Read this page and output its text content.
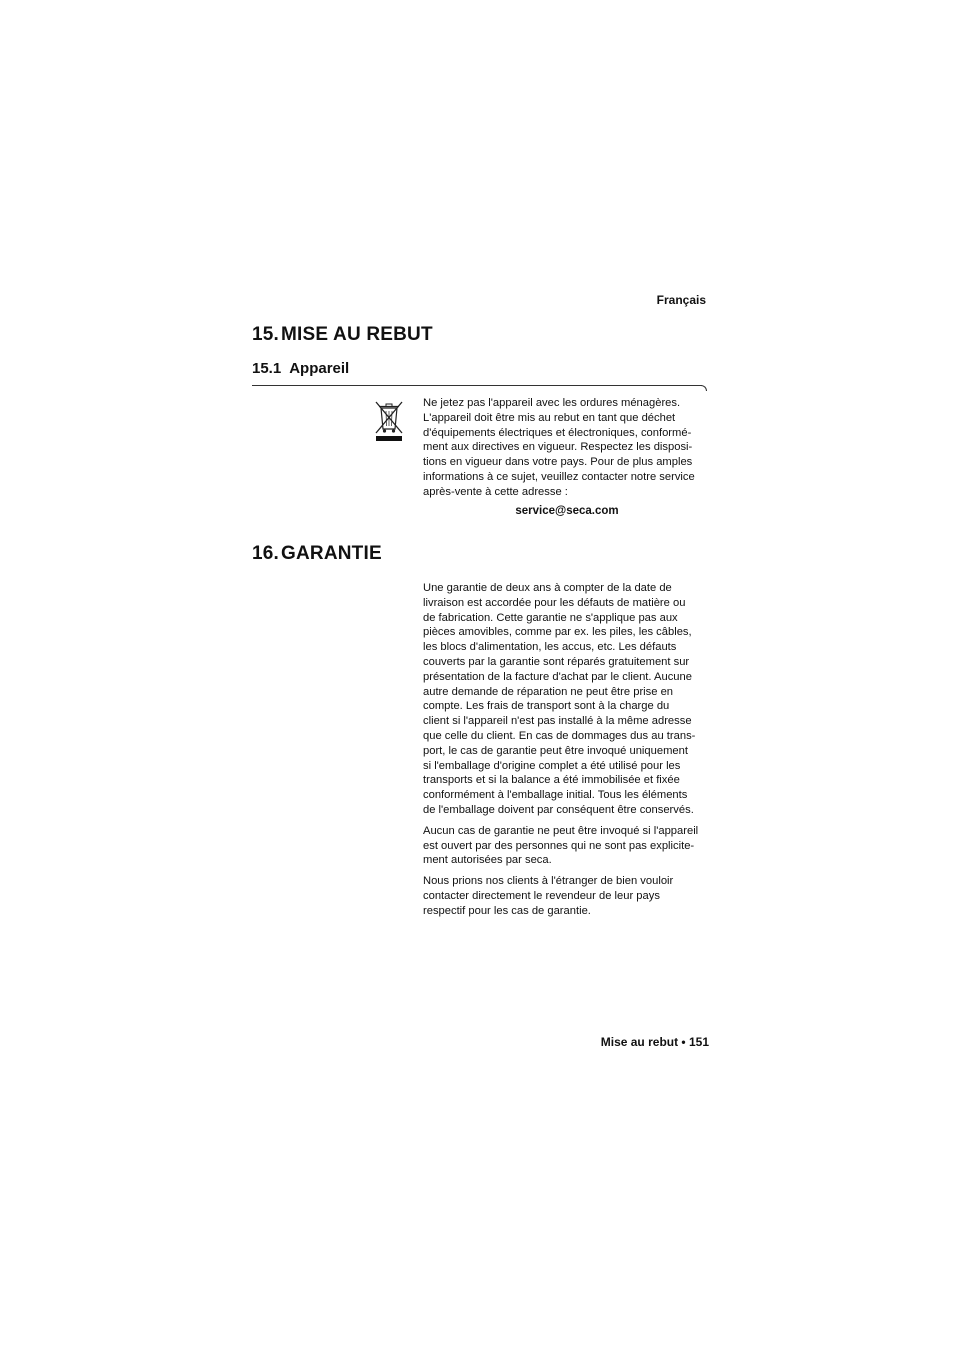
Français
15. MISE AU REBUT
15.1 Appareil

Ne jetez pas l'appareil avec les ordures ménagères.
L'appareil doit être mis au rebut en tant que déchet
d'équipements électriques et électroniques, conformé-
ment aux directives en vigueur. Respectez les disposi-
tions en vigueur dans votre pays. Pour de plus amples
informations à ce sujet, veuillez contacter notre service
après-vente à cette adresse :

service@seca.com
16. GARANTIE

Une garantie de deux ans à compter de la date de
livraison est accordée pour les défauts de matière ou
de fabrication. Cette garantie ne s'applique pas aux
pièces amovibles, comme par ex. les piles, les câbles,
les blocs d'alimentation, les accus, etc. Les défauts
couverts par la garantie sont réparés gratuitement sur
présentation de la facture d'achat par le client. Aucune
autre demande de réparation ne peut être prise en
compte. Les frais de transport sont à la charge du
client si l'appareil n'est pas installé à la même adresse
que celle du client. En cas de dommages dus au trans-
port, le cas de garantie peut être invoqué uniquement
si l'emballage d'origine complet a été utilisé pour les
transports et si la balance a été immobilisée et fixée
conformément à l'emballage initial. Tous les éléments
de l'emballage doivent par conséquent être conservés.

Aucun cas de garantie ne peut être invoqué si l'appareil
est ouvert par des personnes qui ne sont pas explicite-
ment autorisées par seca.

Nous prions nos clients à l'étranger de bien vouloir
contacter directement le revendeur de leur pays
respectif pour les cas de garantie.

Mise au rebut • 151
